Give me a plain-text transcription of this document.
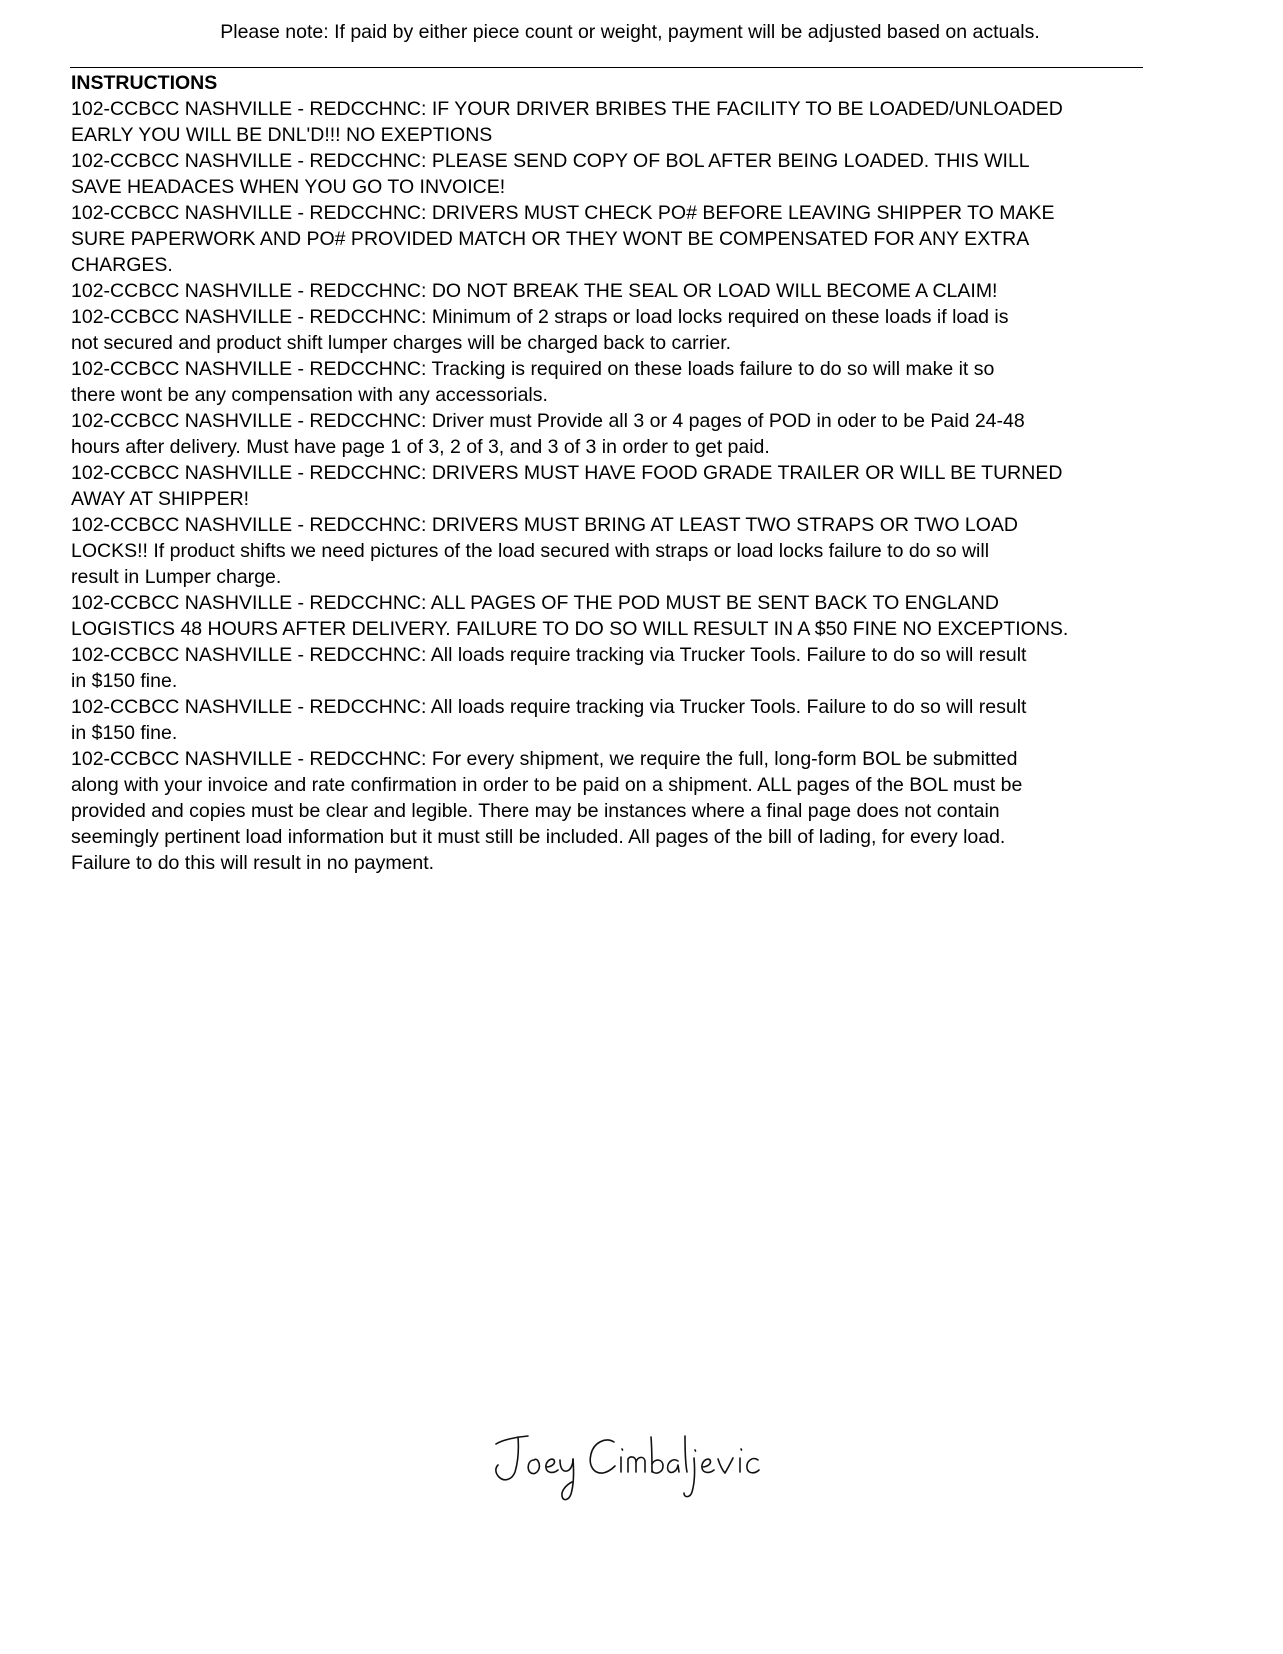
Please note: If paid by either piece count or weight, payment will be adjusted based on actuals.

INSTRUCTIONS

102-CCBCC NASHVILLE - REDCCHNC: IF YOUR DRIVER BRIBES THE FACILITY TO BE LOADED/UNLOADED

EARLY YOU WILL BE DNL'D!!! NO EXEPTIONS

102-CCBCC NASHVILLE - REDCCHNC: PLEASE SEND COPY OF BOL AFTER BEING LOADED. THIS WILL

SAVE HEADACES WHEN YOU GO TO INVOICE!

102-CCBCC NASHVILLE - REDCCHNC: DRIVERS MUST CHECK PO# BEFORE LEAVING SHIPPER TO MAKE

SURE PAPERWORK AND PO# PROVIDED MATCH OR THEY WONT BE COMPENSATED FOR ANY EXTRA

CHARGES.

102-CCBCC NASHVILLE - REDCCHNC: DO NOT BREAK THE SEAL OR LOAD WILL BECOME A CLAIM!

102-CCBCC NASHVILLE - REDCCHNC: Minimum of 2 straps or load locks required on these loads if load is

not secured and product shift lumper charges will be charged back to carrier.

102-CCBCC NASHVILLE - REDCCHNC: Tracking is required on these loads failure to do so will make it so

there wont be any compensation with any accessorials.

102-CCBCC NASHVILLE - REDCCHNC: Driver must Provide all 3 or 4 pages of POD in oder to be Paid 24-48

hours after delivery. Must have page 1 of 3, 2 of 3, and 3 of 3 in order to get paid.

102-CCBCC NASHVILLE - REDCCHNC: DRIVERS MUST HAVE FOOD GRADE TRAILER OR WILL BE TURNED

AWAY AT SHIPPER!

102-CCBCC NASHVILLE - REDCCHNC: DRIVERS MUST BRING AT LEAST TWO STRAPS OR TWO LOAD

LOCKS!! If product shifts we need pictures of the load secured with straps or load locks failure to do so will

result in Lumper charge.

102-CCBCC NASHVILLE - REDCCHNC: ALL PAGES OF THE POD MUST BE SENT BACK TO ENGLAND

LOGISTICS 48 HOURS AFTER DELIVERY. FAILURE TO DO SO WILL RESULT IN A $50 FINE NO EXCEPTIONS.

102-CCBCC NASHVILLE - REDCCHNC: All loads require tracking via Trucker Tools. Failure to do so will result

in $150 fine.

102-CCBCC NASHVILLE - REDCCHNC: All loads require tracking via Trucker Tools. Failure to do so will result

in $150 fine.

102-CCBCC NASHVILLE - REDCCHNC: For every shipment, we require the full, long-form BOL be submitted

along with your invoice and rate confirmation in order to be paid on a shipment. ALL pages of the BOL must be

provided and copies must be clear and legible. There may be instances where a final page does not contain

seemingly pertinent load information but it must still be included. All pages of the bill of lading, for every load.

Failure to do this will result in no payment.
